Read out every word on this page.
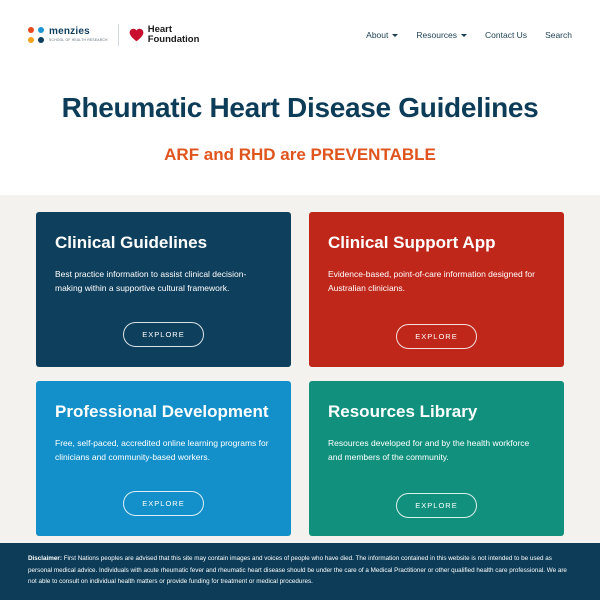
menzies
SCHOOL OF HEALTH RESEARCH
Heart
Foundation	About	Resources	Contact Us Search
Rheumatic Heart Disease Guidelines
ARF and RHD are PREVENTABLE
Clinical Guidelines

Best practice information to assist clinical decision-making within a supportive cultural framework.

EXPLORE
Clinical Support App

Evidence-based, point-of-care information designed for Australian clinicians.

EXPLORE
Professional Development

Free, self-paced, accredited online learning programs for clinicians and community-based workers.

EXPLORE
Resources Library

Resources developed for and by the health workforce and members of the community.

EXPLORE
Disclaimer: First Nations peoples are advised that this site may contain images and voices of people who have died. The information contained in this website is not intended to be used as personal medical advice. Individuals with acute rheumatic fever and rheumatic heart disease should be under the care of a Medical Practitioner or other qualified health care professional. We are not able to consult on individual health matters or provide funding for treatment or medical procedures.
